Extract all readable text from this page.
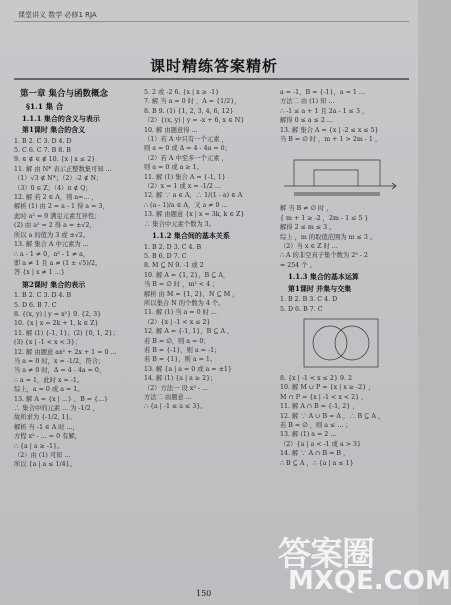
课堂讲义 数学 必修1 RJA
课时精练答案精析
第一章 集合与函数概念
§1.1 集 合
1.1.1 集合的含义与表示
第1课时 集合的含义
1. B 2. C 3. D 4. D
5. C 6. C 7. B 8. B
9. ∈ ∉ ∈ ∉ 10. {x | x ≤ 2}
11. 解 由 N* 表示正整数集可知 ...
（1）√3 ∉ N*；（2）-2 ∉ N；
（3）0 ∈ Z；（4）π ∉ Q；
12. 解 若 2 ∈ A，则 a=... ，
解析 (1) 由 2 = a - 1 得 a = 3，
此时 a² = 9 满足元素互异性；
(2) 由 a² = 2 得 a = ±√2，
所以 a 的值为 3 或 ±√2。
13. 解 集合 A 中元素为 ...
∴ a - 1 ≠ 0，a² - 1 ≠ a，
即 a ≠ 1 且 a ≠ (1 ± √5)/2。
答 {x | x ≠ 1 ...}
第2课时 集合的表示
1. B 2. C 3. D 4. B
5. D 6. B 7. C
8. {(x, y) | y = x²} 9. {2, 3}
10. {x | x = 2k + 1, k ∈ Z}
11. 解 (1) {-1, 1}；(2) {0, 1, 2}；
(3) {x | -1 < x < 3}；
12. 解 由题意 ax² + 2x + 1 = 0 ...
当 a = 0 时，x = -1/2，符合；
当 a ≠ 0 时，Δ = 4 - 4a = 0，
∴ a = 1，此时 x = -1。
综上，a = 0 或 a = 1。
13. 解 A = {x | ...} ，B = {...}
∴ 集合中的元素 ... 为 -1/2 ，
故所求为 {-1/2, 1}。
解析 当 -1 ∈ A 时 ...，
方程 x² - ... = 0 有解，
∴ {a | a ≥ -1}。
（2）由 (1) 可知 ...
所以 {a | a ≤ 1/4}。
5. 2 或 -2 6. {x | x ≥ -1}
7. 解 当 a = 0 时 ，A = {1/2}，
8. B 9. (1) {1, 2, 3, 4, 6, 12}
（2）{(x, y) | y = -x + 6, x ∈ N}
10. 解 由题意得 ...
（1）若 A 中只有一个元素 ，
则 a = 0 或 Δ = 4 - 4a = 0；
（2）若 A 中至多一个元素 ，
则 a = 0 或 a ≥ 1。
11. 解 (1) 集合 A = {-1, 1}
（2）x = 1 或 x = -1/2 ...
12. 解 ∵ a ∈ A，∴ 1/(1 - a) ∈ A
∴ (a - 1)/a ∈ A，又 a ≠ 0 ...
13. 解 由题意 {x | x = 3k, k ∈ Z}
∴ 集合中元素个数为 3。
1.1.2 集合间的基本关系
1. B 2. D 3. C 4. B
5. B 6. D 7. C
8. M ⊆ N 9. -1 或 2
10. 解 A = {1, 2}，B ⊆ A，
当 B = ∅ 时 ，m² < 4 ；
解析 由 M = {1, 2}，N ⊆ M ，
所以集合 N 的个数为 4 个。
11. 解 (1) 当 a = 0 时 ...
（2）{x | -1 < x ≤ 2}
12. 解 A = {-1, 1}，B ⊆ A ，
若 B = ∅，则 a = 0；
若 B = {-1}，则 a = -1；
若 B = {1}，则 a = 1。
13. 解 {a | a = 0 或 a = ±1}
14. 解 (1) {a | a ≥ 2}；
（2）方法一 设 x² - ...
方法二 由题意 ...
∴ {a | -1 ≤ a ≤ 3}。
a = -1，B = {-1}，a = 1 ...
方法二 由 (1) 知 ...
∴ -1 ≤ a + 1 且 2a - 1 ≤ 3 ，
解得 0 ≤ a ≤ 2 ...
13. 解 集合 A = {x | -2 ≤ x ≤ 5}
当 B = ∅ 时 ，m + 1 > 2m - 1 ，
解 当 B ≠ ∅ 时 ，
{ m + 1 ≥ -2 ，2m - 1 ≤ 5 }
解得 2 ≤ m ≤ 3 。
综上 ，m 的取值范围为 m ≤ 3 。
（2）当 x ∈ Z 时 ...
∴ A 的非空真子集个数为 2⁸ - 2
= 254 个 。
1.1.3 集合的基本运算
第1课时 并集与交集
1. B 2. B 3. C 4. D
5. D 6. B 7. C
8. {x | -1 < x ≤ 2} 9. 2
10. 解 M ∪ P = {x | x ≥ -2} ，
M ∩ P = {x | -1 < x < 2} ，
11. 解 A ∩ B = {-1, 2} ，
12. 解 ∵ A ∪ B = A ，∴ B ⊆ A ，
若 B = ∅ ，则 a ≤ ... ；
13. 解 (1) a = 2 ...
（2）{a | a < -1 或 a > 3}
14. 解 ∵ A ∩ B = B ，
∴ B ⊆ A ，∴ {a | a ≤ 1}
答案圈
MXQE.COM
150
